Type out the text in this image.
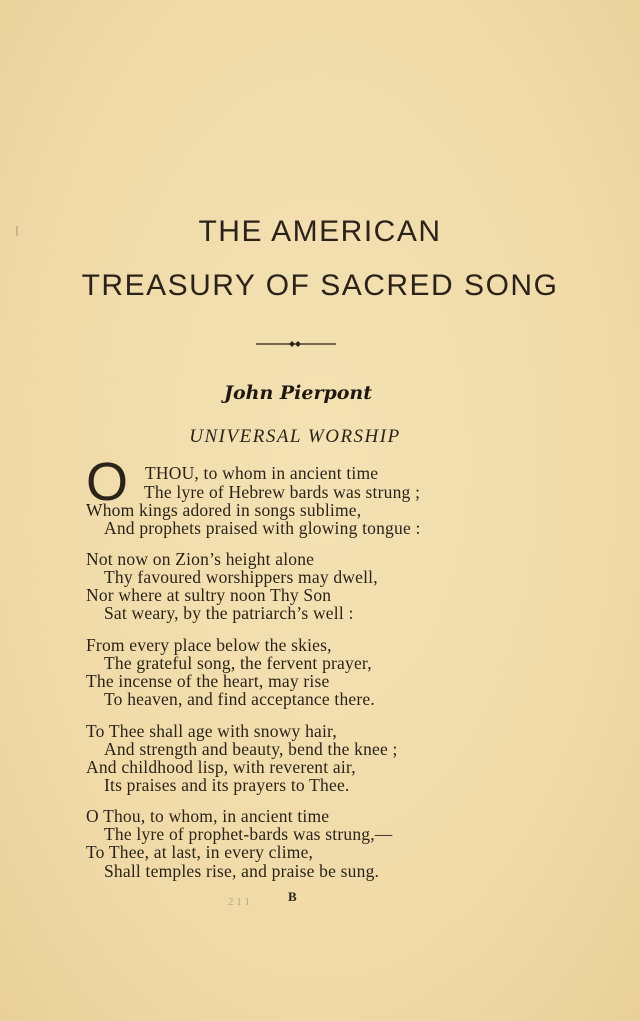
THE AMERICAN
TREASURY OF SACRED SONG
John Pierpont
UNIVERSAL WORSHIP
O THOU, to whom in ancient time
The lyre of Hebrew bards was strung ;
Whom kings adored in songs sublime,
And prophets praised with glowing tongue :
Not now on Zion’s height alone
Thy favoured worshippers may dwell,
Nor where at sultry noon Thy Son
Sat weary, by the patriarch’s well :
From every place below the skies,
The grateful song, the fervent prayer,
The incense of the heart, may rise
To heaven, and find acceptance there.
To Thee shall age with snowy hair,
And strength and beauty, bend the knee ;
And childhood lisp, with reverent air,
Its praises and its prayers to Thee.
O Thou, to whom, in ancient time
The lyre of prophet-bards was strung,—
To Thee, at last, in every clime,
Shall temples rise, and praise be sung.
2 1 1	B
